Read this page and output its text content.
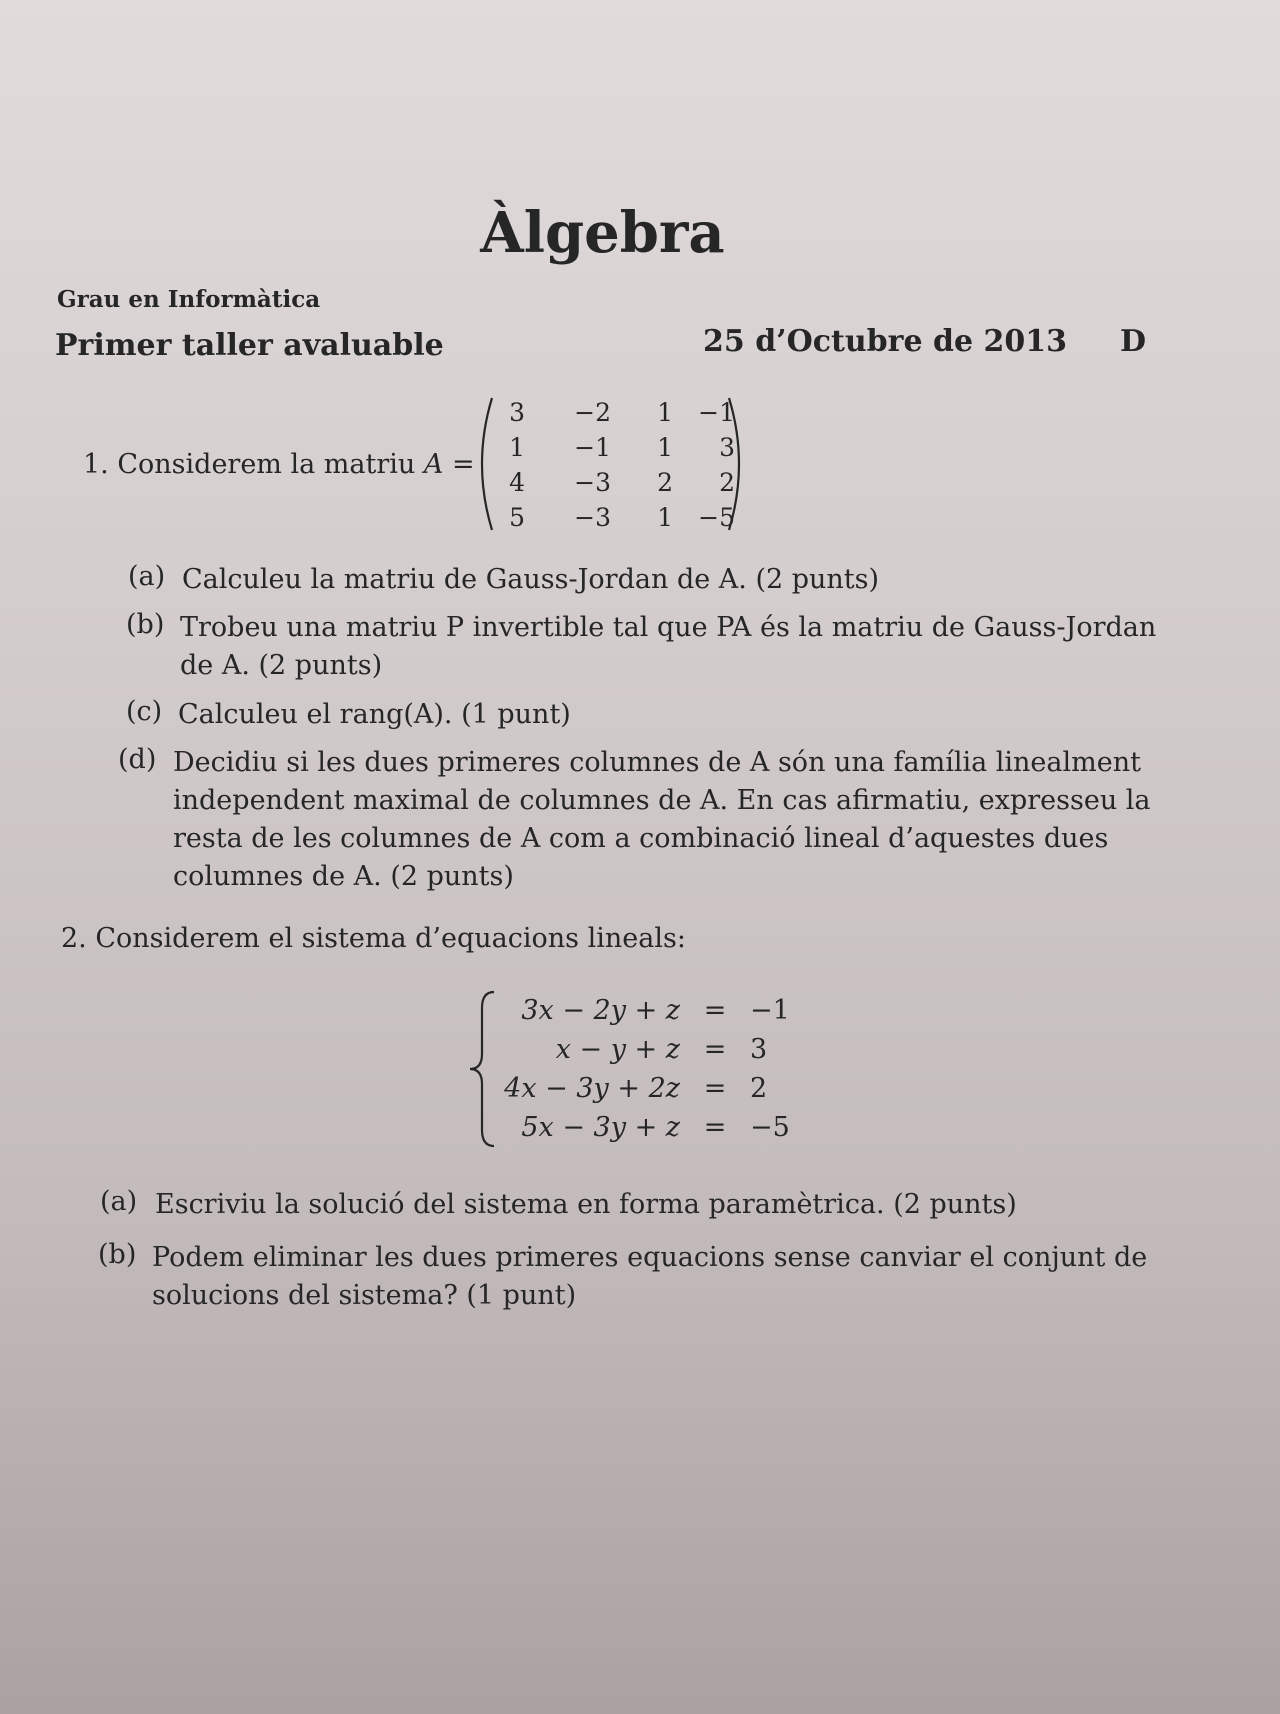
Àlgebra
Grau en Informàtica
Primer taller avaluable	25 d’Octubre de 2013 D
1. Considerem la matriu A =
3	−2	1	−1
1	−1	1	3
4	−3	2	2
5	−3	1	−5
(a) Calculeu la matriu de Gauss-Jordan de A. (2 punts)
(b) Trobeu una matriu P invertible tal que PA és la matriu de Gauss-Jordan de A. (2 punts)
(c) Calculeu el rang(A). (1 punt)
(d) Decidiu si les dues primeres columnes de A són una família linealment independent maximal de columnes de A. En cas afirmatiu, expresseu la resta de les columnes de A com a combinació lineal d’aquestes dues columnes de A. (2 punts)
2. Considerem el sistema d’equacions lineals:
3x − 2y + z	=	−1
x − y + z	=	3
4x − 3y + 2z	=	2
5x − 3y + z	=	−5
(a) Escriviu la solució del sistema en forma paramètrica. (2 punts)
(b) Podem eliminar les dues primeres equacions sense canviar el conjunt de solucions del sistema? (1 punt)
